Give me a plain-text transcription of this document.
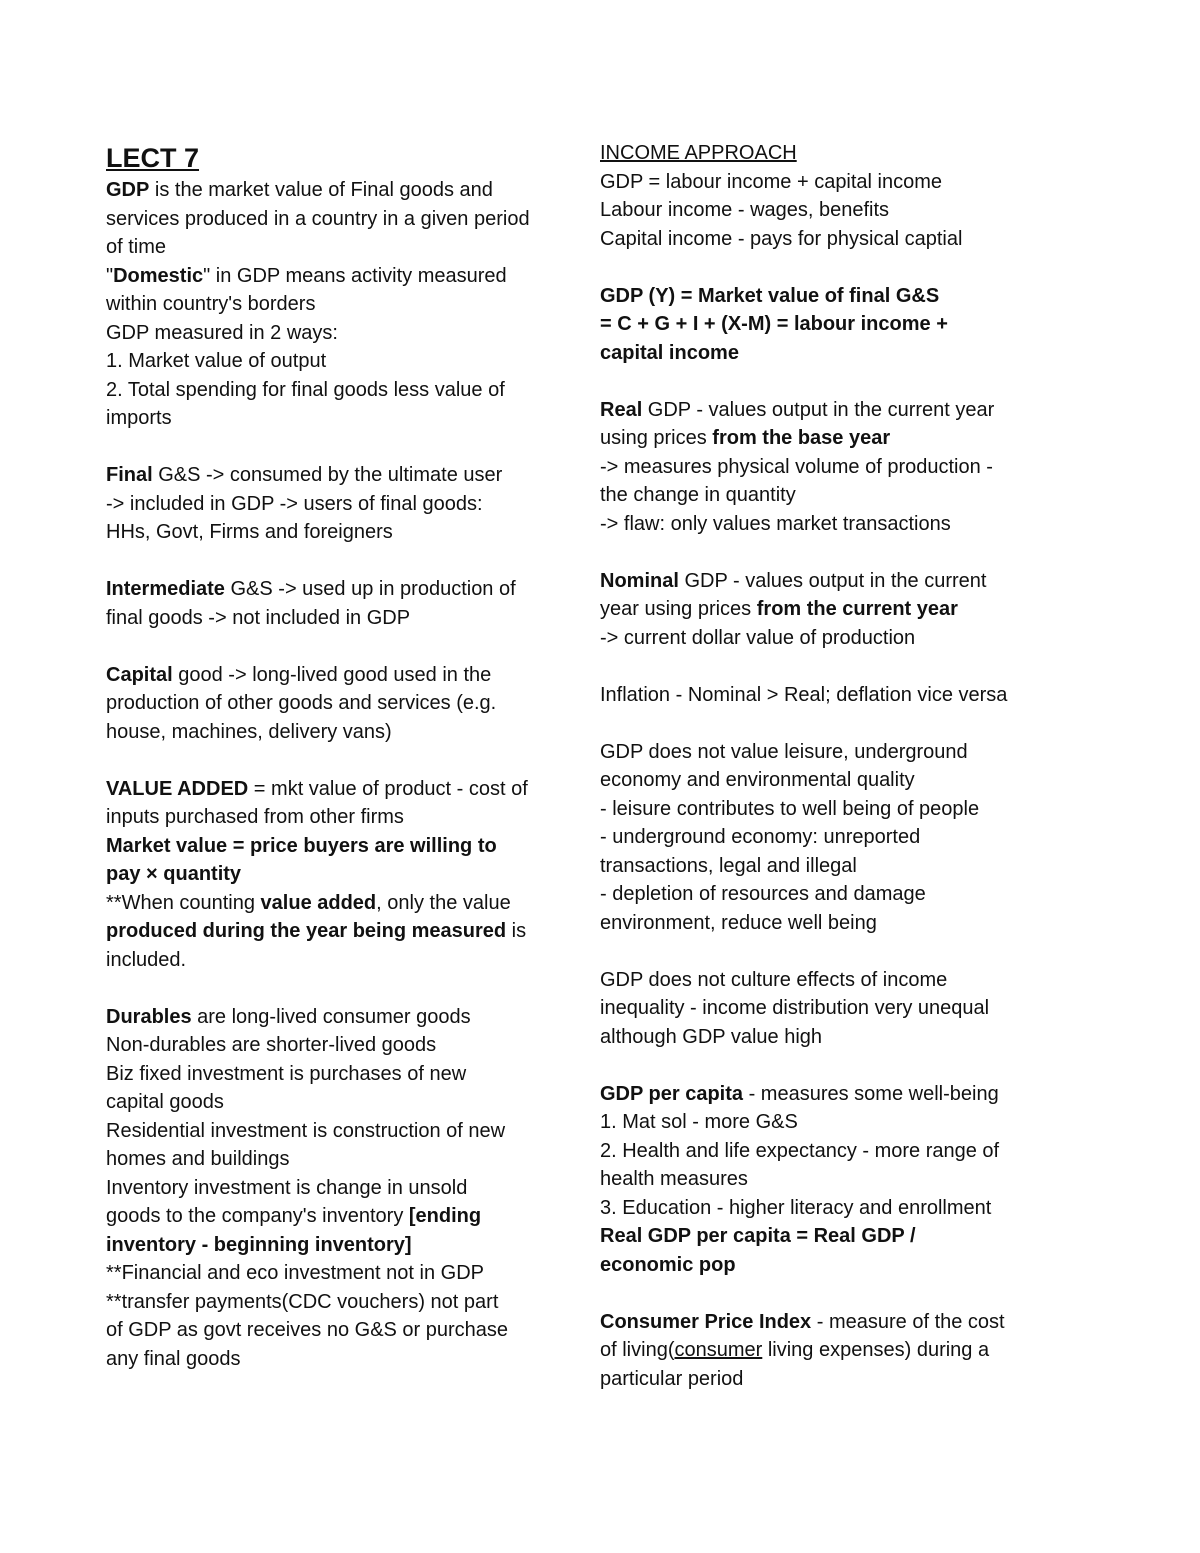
LECT 7
GDP is the market value of Final goods and
services produced in a country in a given period
of time
"Domestic" in GDP means activity measured
within country's borders
GDP measured in 2 ways:
1. Market value of output
2. Total spending for final goods less value of
imports
Final G&S -> consumed by the ultimate user
-> included in GDP -> users of final goods:
HHs, Govt, Firms and foreigners
Intermediate G&S -> used up in production of
final goods -> not included in GDP
Capital good -> long-lived good used in the
production of other goods and services (e.g.
house, machines, delivery vans)
VALUE ADDED = mkt value of product - cost of
inputs purchased from other firms
Market value = price buyers are willing to
pay × quantity
**When counting value added, only the value
produced during the year being measured is
included.
Durables are long-lived consumer goods
Non-durables are shorter-lived goods
Biz fixed investment is purchases of new
capital goods
Residential investment is construction of new
homes and buildings
Inventory investment is change in unsold
goods to the company's inventory [ending
inventory - beginning inventory]
**Financial and eco investment not in GDP
**transfer payments(CDC vouchers) not part
of GDP as govt receives no G&S or purchase
any final goods
INCOME APPROACH
GDP = labour income + capital income
Labour income - wages, benefits
Capital income - pays for physical captial
GDP (Y) = Market value of final G&S
= C + G + I + (X-M) = labour income +
capital income
Real GDP - values output in the current year
using prices from the base year
-> measures physical volume of production -
the change in quantity
-> flaw: only values market transactions
Nominal GDP - values output in the current
year using prices from the current year
-> current dollar value of production
Inflation - Nominal > Real; deflation vice versa
GDP does not value leisure, underground
economy and environmental quality
- leisure contributes to well being of people
- underground economy: unreported
transactions, legal and illegal
- depletion of resources and damage
environment, reduce well being
GDP does not culture effects of income
inequality - income distribution very unequal
although GDP value high
GDP per capita - measures some well-being
1. Mat sol - more G&S
2. Health and life expectancy - more range of
health measures
3. Education - higher literacy and enrollment
Real GDP per capita = Real GDP /
economic pop
Consumer Price Index - measure of the cost
of living(consumer living expenses) during a
particular period
